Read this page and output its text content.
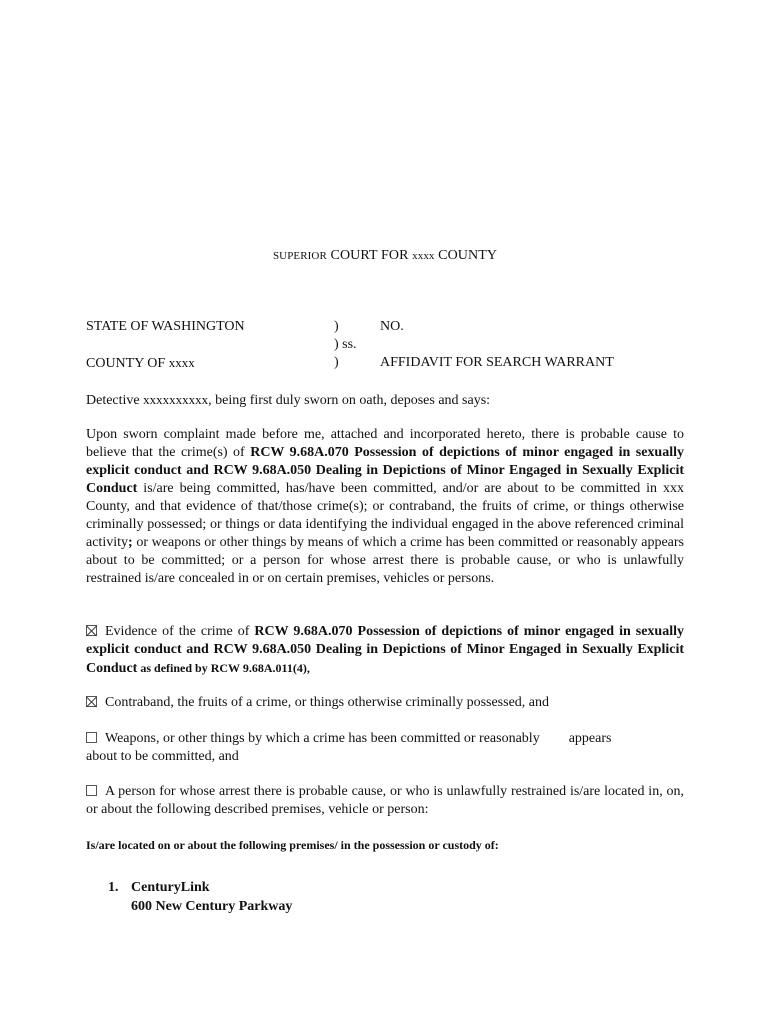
SUPERIOR COURT FOR xxxx COUNTY
STATE OF WASHINGTON	)	NO.
) ss.
COUNTY OF xxxx	)	AFFIDAVIT FOR SEARCH WARRANT
Detective xxxxxxxxxx, being first duly sworn on oath, deposes and says:
Upon sworn complaint made before me, attached and incorporated hereto, there is probable cause to believe that the crime(s) of RCW 9.68A.070 Possession of depictions of minor engaged in sexually explicit conduct and RCW 9.68A.050 Dealing in Depictions of Minor Engaged in Sexually Explicit Conduct is/are being committed, has/have been committed, and/or are about to be committed in xxx County, and that evidence of that/those crime(s); or contraband, the fruits of crime, or things otherwise criminally possessed; or things or data identifying the individual engaged in the above referenced criminal activity; or weapons or other things by means of which a crime has been committed or reasonably appears about to be committed; or a person for whose arrest there is probable cause, or who is unlawfully restrained is/are concealed in or on certain premises, vehicles or persons.
Evidence of the crime of RCW 9.68A.070 Possession of depictions of minor engaged in sexually explicit conduct and RCW 9.68A.050 Dealing in Depictions of Minor Engaged in Sexually Explicit Conduct as defined by RCW 9.68A.011(4),
Contraband, the fruits of a crime, or things otherwise criminally possessed, and
Weapons, or other things by which a crime has been committed or reasonably appears
about to be committed, and
A person for whose arrest there is probable cause, or who is unlawfully restrained is/are located in, on, or about the following described premises, vehicle or person:
Is/are located on or about the following premises/ in the possession or custody of:
1. CenturyLink
600 New Century Parkway
